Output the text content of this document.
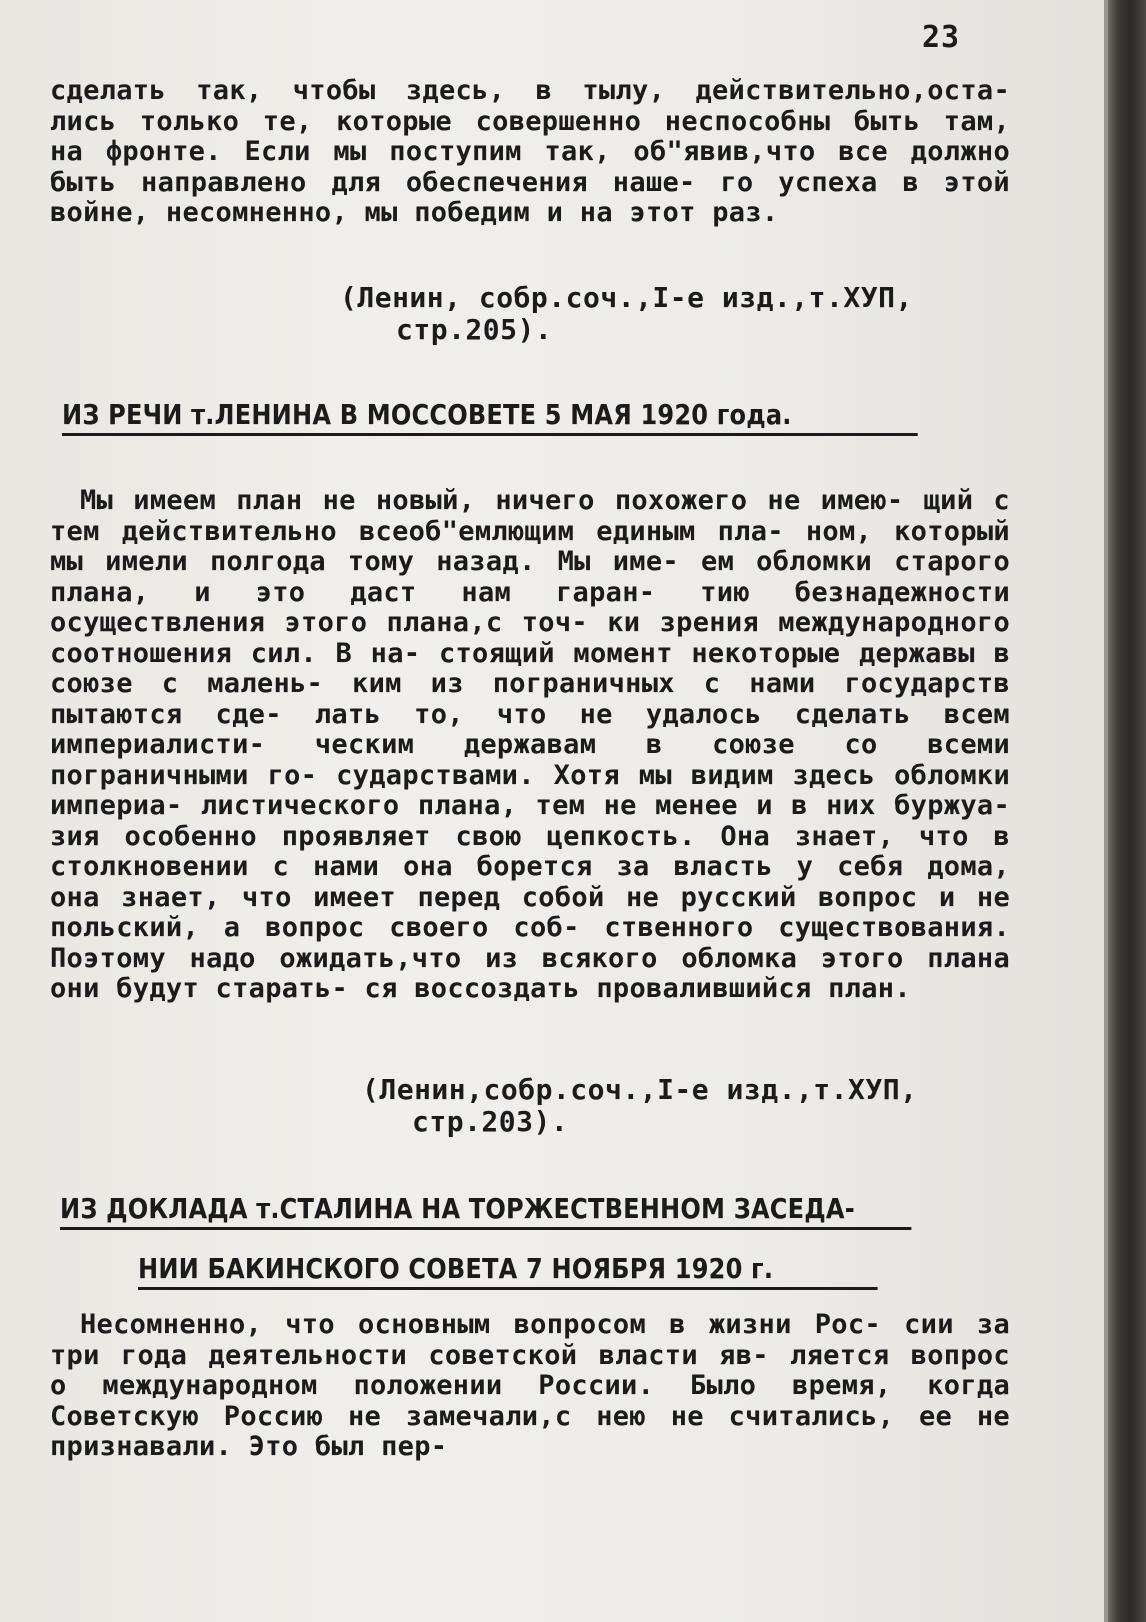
23

сделать так, чтобы здесь, в тылу, действительно,оста- лись только те, которые совершенно неспособны быть там, на фронте. Если мы поступим так, об"явив,что все должно быть направлено для обеспечения наше- го успеха в этой войне, несомненно, мы победим и на этот раз.

(Ленин, собр.соч.,I-е изд.,т.ХУП,
стр.205).
ИЗ РЕЧИ т.ЛЕНИНА В МОССОВЕТЕ 5 МАЯ 1920 года.

Мы имеем план не новый, ничего похожего не имею- щий с тем действительно всеоб"емлющим единым пла- ном, который мы имели полгода тому назад. Мы име- ем обломки старого плана, и это даст нам гаран- тию безнадежности осуществления этого плана,с точ- ки зрения международного соотношения сил. В на- стоящий момент некоторые державы в союзе с малень- ким из пограничных с нами государств пытаются сде- лать то, что не удалось сделать всем империалисти- ческим державам в союзе со всеми пограничными го- сударствами. Хотя мы видим здесь обломки империа- листического плана, тем не менее и в них буржуа- зия особенно проявляет свою цепкость. Она знает, что в столкновении с нами она борется за власть у себя дома, она знает, что имеет перед собой не русский вопрос и не польский, а вопрос своего соб- ственного существования. Поэтому надо ожидать,что из всякого обломка этого плана они будут старать- ся воссоздать провалившийся план.

(Ленин,собр.соч.,I-е изд.,т.ХУП,
стр.203).
ИЗ ДОКЛАДА т.СТАЛИНА НА ТОРЖЕСТВЕННОМ ЗАСЕДА-
НИИ БАКИНСКОГО СОВЕТА 7 НОЯБРЯ 1920 г.

Несомненно, что основным вопросом в жизни Рос- сии за три года деятельности советской власти яв- ляется вопрос о международном положении России. Было время, когда Советскую Россию не замечали,с нею не считались, ее не признавали. Это был пер-
